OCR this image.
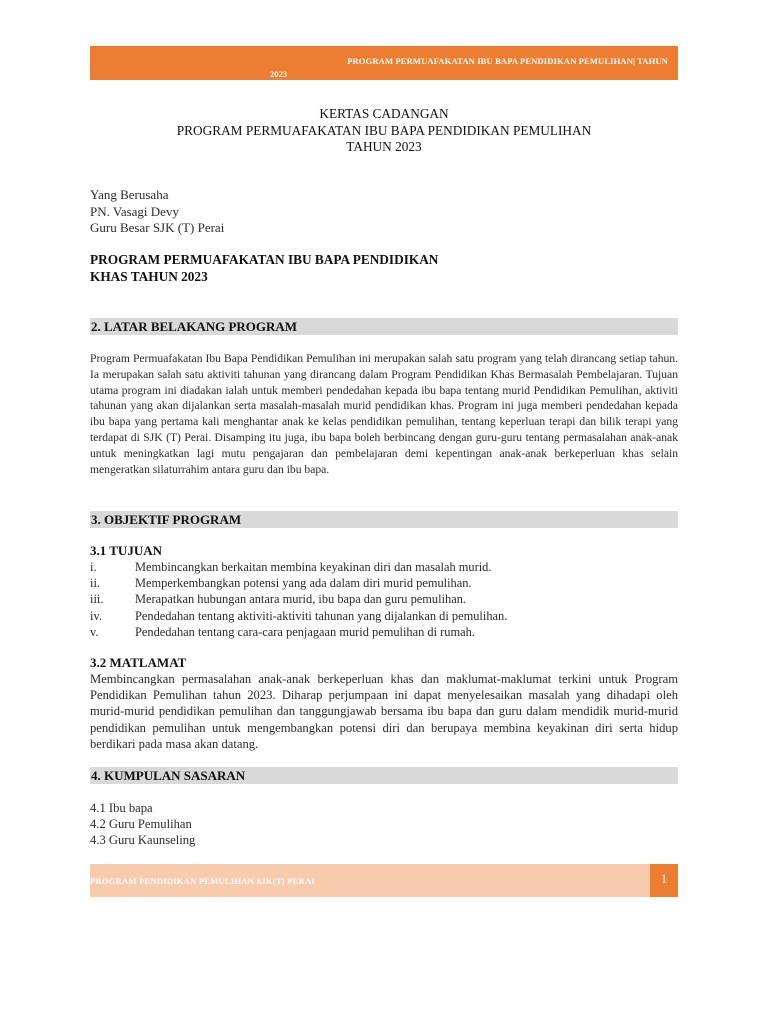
PROGRAM PERMUAFAKATAN IBU BAPA PENDIDIKAN PEMULIHAN| TAHUN
2023
KERTAS CADANGAN
PROGRAM PERMUAFAKATAN IBU BAPA PENDIDIKAN PEMULIHAN
TAHUN 2023
Yang Berusaha
PN. Vasagi Devy
Guru Besar SJK (T) Perai
PROGRAM PERMUAFAKATAN IBU BAPA PENDIDIKAN
KHAS TAHUN 2023
2. LATAR BELAKANG PROGRAM
Program Permuafakatan Ibu Bapa Pendidikan Pemulihan ini merupakan salah satu program yang telah dirancang setiap tahun. Ia merupakan salah satu aktiviti tahunan yang dirancang dalam Program Pendidikan Khas Bermasalah Pembelajaran. Tujuan utama program ini diadakan ialah untuk memberi pendedahan kepada ibu bapa tentang murid Pendidikan Pemulihan, aktiviti tahunan yang akan dijalankan serta masalah-masalah murid pendidikan khas. Program ini juga memberi pendedahan kepada ibu bapa yang pertama kali menghantar anak ke kelas pendidikan pemulihan, tentang keperluan terapi dan bilik terapi yang terdapat di SJK (T) Perai. Disamping itu juga, ibu bapa boleh berbincang dengan guru-guru tentang permasalahan anak-anak untuk meningkatkan lagi mutu pengajaran dan pembelajaran demi kepentingan anak-anak berkeperluan khas selain mengeratkan silaturrahim antara guru dan ibu bapa.
3. OBJEKTIF PROGRAM
3.1 TUJUAN
i.	Membincangkan berkaitan membina keyakinan diri dan masalah murid.
ii.	Memperkembangkan potensi yang ada dalam diri murid pemulihan.
iii.	Merapatkan hubungan antara murid, ibu bapa dan guru pemulihan.
iv.	Pendedahan tentang aktiviti-aktiviti tahunan yang dijalankan di pemulihan.
v.	Pendedahan tentang cara-cara penjagaan murid pemulihan di rumah.
3.2 MATLAMAT
Membincangkan permasalahan anak-anak berkeperluan khas dan maklumat-maklumat terkini untuk Program Pendidikan Pemulihan tahun 2023. Diharap perjumpaan ini dapat menyelesaikan masalah yang dihadapi oleh murid-murid pendidikan pemulihan dan tanggungjawab bersama ibu bapa dan guru dalam mendidik murid-murid pendidikan pemulihan untuk mengembangkan potensi diri dan berupaya membina keyakinan diri serta hidup berdikari pada masa akan datang.
4. KUMPULAN SASARAN
4.1 Ibu bapa
4.2 Guru Pemulihan
4.3 Guru Kaunseling
PROGRAM PENDIDIKAN PEMULIHAN SJK(T) PERAI	1
